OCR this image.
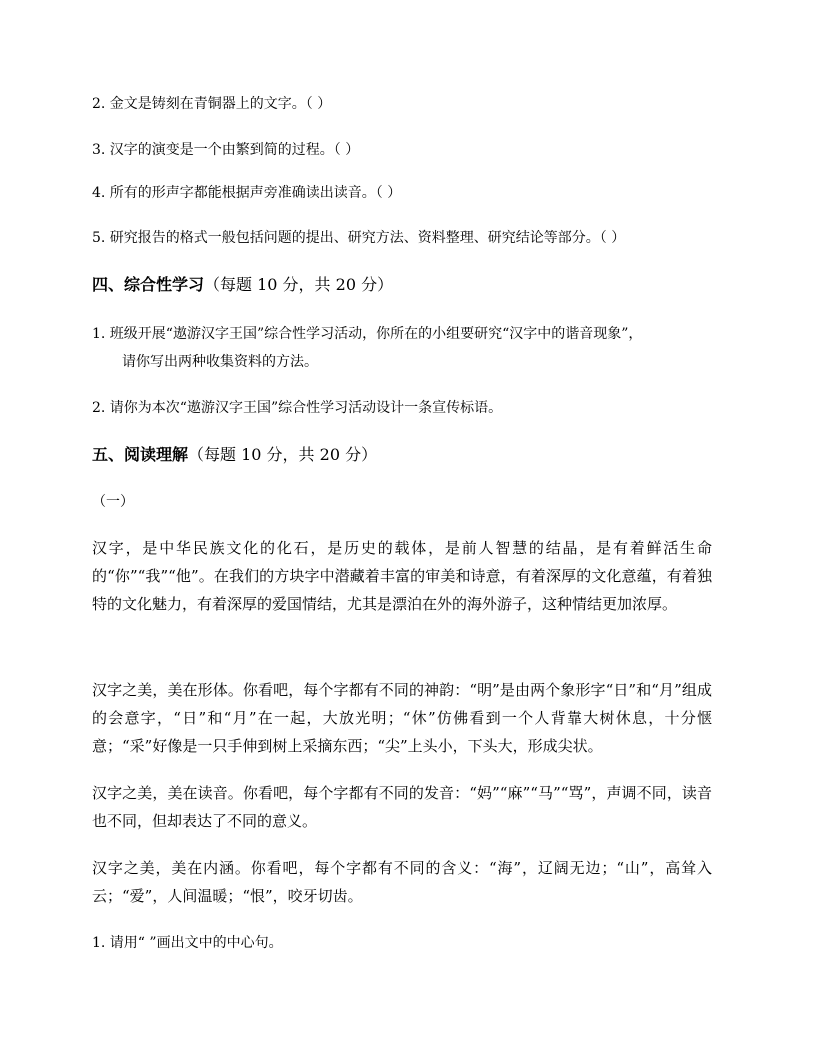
2. 金文是铸刻在青铜器上的文字。（ ）
3. 汉字的演变是一个由繁到简的过程。（ ）
4. 所有的形声字都能根据声旁准确读出读音。（ ）
5. 研究报告的格式一般包括问题的提出、研究方法、资料整理、研究结论等部分。（ ）
四、综合性学习（每题 10 分，共 20 分）
1. 班级开展“遨游汉字王国”综合性学习活动，你所在的小组要研究“汉字中的谐音现象”，
请你写出两种收集资料的方法。
2. 请你为本次“遨游汉字王国”综合性学习活动设计一条宣传标语。
五、阅读理解（每题 10 分，共 20 分）
（一）
汉字，是中华民族文化的化石，是历史的载体，是前人智慧的结晶，是有着鲜活生命的“你”“我”“他”。在我们的方块字中潜藏着丰富的审美和诗意，有着深厚的文化意蕴，有着独特的文化魅力，有着深厚的爱国情结，尤其是漂泊在外的海外游子，这种情结更加浓厚。
汉字之美，美在形体。你看吧，每个字都有不同的神韵：“明”是由两个象形字“日”和“月”组成的会意字，“日”和“月”在一起，大放光明；“休”仿佛看到一个人背靠大树休息，十分惬意；“采”好像是一只手伸到树上采摘东西；“尖”上头小，下头大，形成尖状。
汉字之美，美在读音。你看吧，每个字都有不同的发音：“妈”“麻”“马”“骂”，声调不同，读音也不同，但却表达了不同的意义。
汉字之美，美在内涵。你看吧，每个字都有不同的含义：“海”，辽阔无边；“山”，高耸入云；“爱”，人间温暖；“恨”，咬牙切齿。
1. 请用“ ”画出文中的中心句。
